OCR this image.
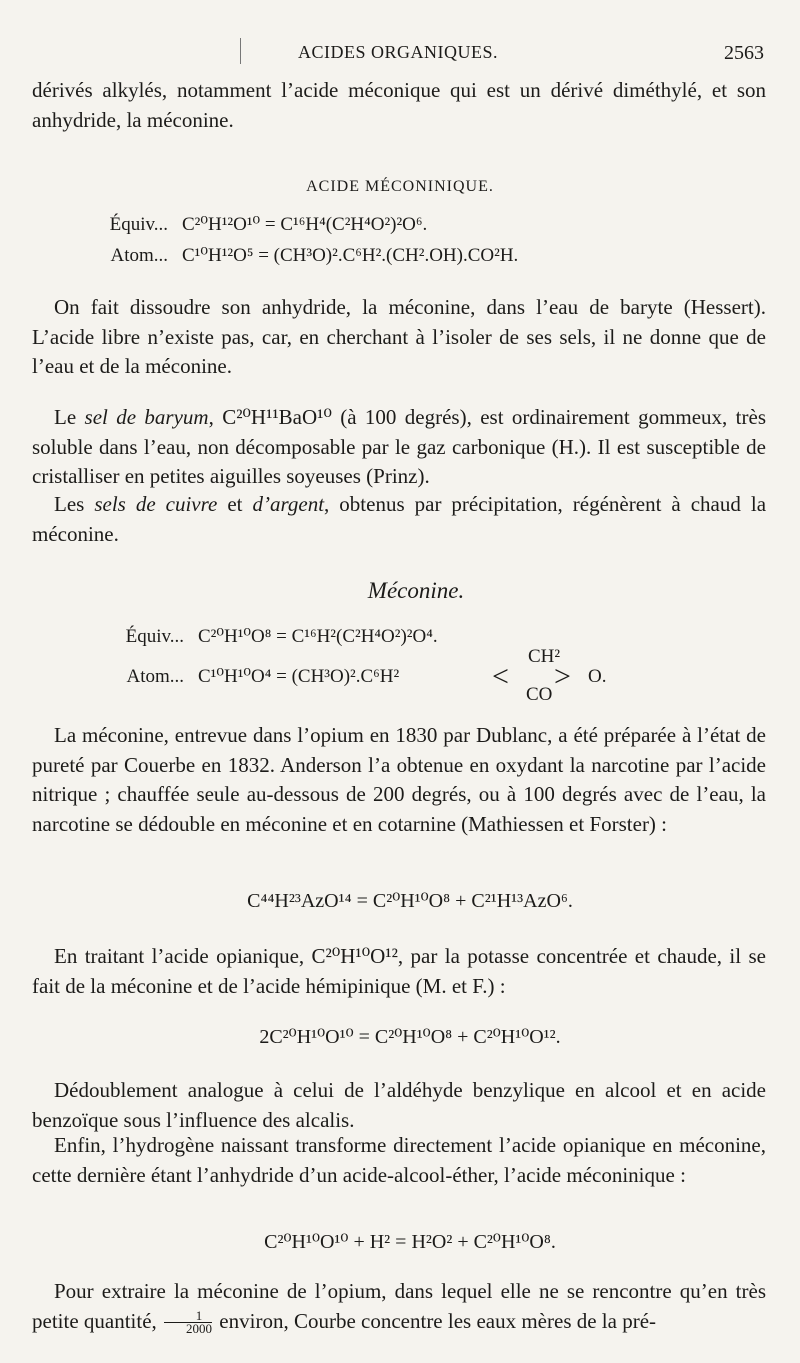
ACIDES ORGANIQUES.	2563

dérivés alkylés, notamment l’acide méconique qui est un dérivé diméthylé, et son anhydride, la méconine.

ACIDE MÉCONINIQUE.

Équiv... C²⁰H¹²O¹⁰ = C¹⁶H⁴(C²H⁴O²)²O⁶.
Atom... C¹⁰H¹²O⁵ = (CH³O)².C⁶H².(CH².OH).CO²H.

On fait dissoudre son anhydride, la méconine, dans l’eau de baryte (Hessert). L’acide libre n’existe pas, car, en cherchant à l’isoler de ses sels, il ne donne que de l’eau et de la méconine.

Le sel de baryum, C²⁰H¹¹BaO¹⁰ (à 100 degrés), est ordinairement gommeux, très soluble dans l’eau, non décomposable par le gaz carbonique (H.). Il est susceptible de cristalliser en petites aiguilles soyeuses (Prinz).

Les sels de cuivre et d’argent, obtenus par précipitation, régénèrent à chaud la méconine.

Méconine.

Équiv... C²⁰H¹⁰O⁸ = C¹⁶H²(C²H⁴O²)²O⁴.
Atom... C¹⁰H¹⁰O⁴ = (CH³O)².C⁶H²
CH²
< >
CO
O.

La méconine, entrevue dans l’opium en 1830 par Dublanc, a été préparée à l’état de pureté par Couerbe en 1832. Anderson l’a obtenue en oxydant la narcotine par l’acide nitrique ; chauffée seule au-dessous de 200 degrés, ou à 100 degrés avec de l’eau, la narcotine se dédouble en méconine et en cotarnine (Mathiessen et Forster) :

C⁴⁴H²³AzO¹⁴ = C²⁰H¹⁰O⁸ + C²¹H¹³AzO⁶.

En traitant l’acide opianique, C²⁰H¹⁰O¹², par la potasse concentrée et chaude, il se fait de la méconine et de l’acide hémipinique (M. et F.) :

2C²⁰H¹⁰O¹⁰ = C²⁰H¹⁰O⁸ + C²⁰H¹⁰O¹².

Dédoublement analogue à celui de l’aldéhyde benzylique en alcool et en acide benzoïque sous l’influence des alcalis.

Enfin, l’hydrogène naissant transforme directement l’acide opianique en méconine, cette dernière étant l’anhydride d’un acide-alcool-éther, l’acide méconinique :

C²⁰H¹⁰O¹⁰ + H² = H²O² + C²⁰H¹⁰O⁸.

Pour extraire la méconine de l’opium, dans lequel elle ne se rencontre qu’en très petite quantité, $\frac{1}{2000}$ environ, Courbe concentre les eaux mères de la pré-
